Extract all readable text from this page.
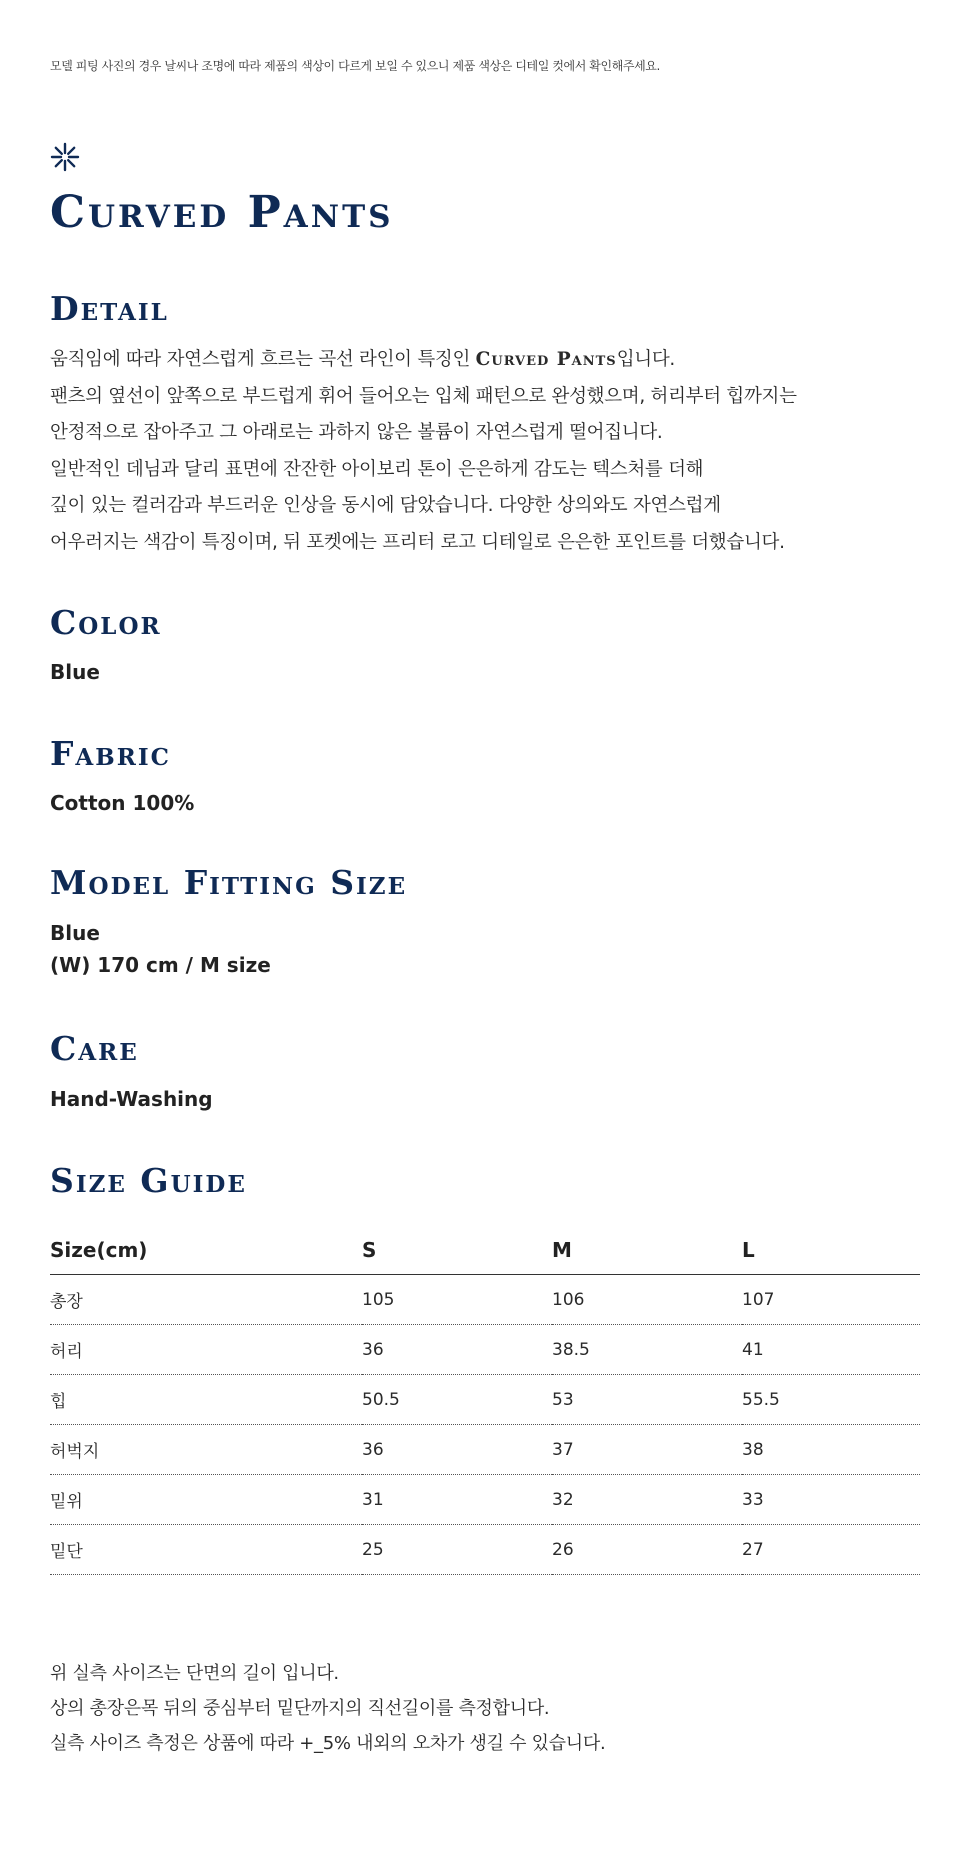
모델 피팅 사진의 경우 날씨나 조명에 따라 제품의 색상이 다르게 보일 수 있으니 제품 색상은 디테일 컷에서 확인해주세요.
Curved Pants
Detail
움직임에 따라 자연스럽게 흐르는 곡선 라인이 특징인 Curved Pants입니다.
팬츠의 옆선이 앞쪽으로 부드럽게 휘어 들어오는 입체 패턴으로 완성했으며, 허리부터 힙까지는
안정적으로 잡아주고 그 아래로는 과하지 않은 볼륨이 자연스럽게 떨어집니다.
일반적인 데님과 달리 표면에 잔잔한 아이보리 톤이 은은하게 감도는 텍스처를 더해
깊이 있는 컬러감과 부드러운 인상을 동시에 담았습니다. 다양한 상의와도 자연스럽게
어우러지는 색감이 특징이며, 뒤 포켓에는 프리터 로고 디테일로 은은한 포인트를 더했습니다.
Color
Blue
Fabric
Cotton 100%
Model Fitting Size
Blue
(W) 170 cm / M size
Care
Hand-Washing
Size Guide
Size(cm)	S	M	L
총장	105	106	107
허리	36	38.5	41
힙	50.5	53	55.5
허벅지	36	37	38
밑위	31	32	33
밑단	25	26	27
위 실측 사이즈는 단면의 길이 입니다.
상의 총장은목 뒤의 중심부터 밑단까지의 직선길이를 측정합니다.
실측 사이즈 측정은 상품에 따라 +_5% 내외의 오차가 생길 수 있습니다.
